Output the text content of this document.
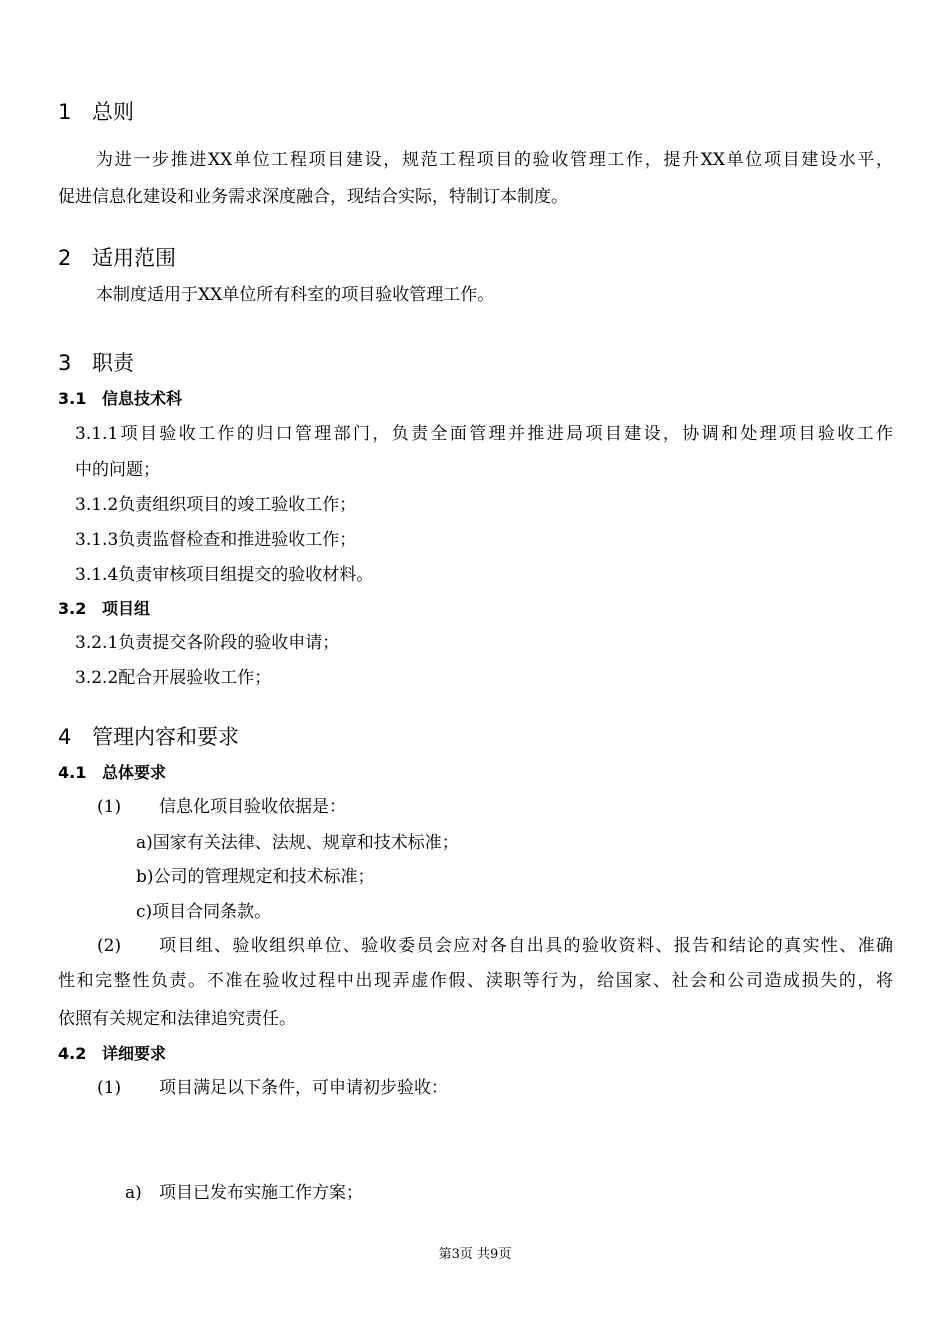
1 总则
为进一步推进XX单位工程项目建设，规范工程项目的验收管理工作，提升XX单位项目建设水平，
促进信息化建设和业务需求深度融合，现结合实际，特制订本制度。
2 适用范围
本制度适用于XX单位所有科室的项目验收管理工作。
3 职责
3.1 信息技术科
3.1.1项目验收工作的归口管理部门，负责全面管理并推进局项目建设，协调和处理项目验收工作
中的问题；
3.1.2负责组织项目的竣工验收工作；
3.1.3负责监督检查和推进验收工作；
3.1.4负责审核项目组提交的验收材料。
3.2 项目组
3.2.1负责提交各阶段的验收申请；
3.2.2配合开展验收工作；
4 管理内容和要求
4.1 总体要求
(1) 信息化项目验收依据是：
a)国家有关法律、法规、规章和技术标准；
b)公司的管理规定和技术标准；
c)项目合同条款。
(2)	项目组、验收组织单位、验收委员会应对各自出具的验收资料、报告和结论的真实性、准确
性和完整性负责。不准在验收过程中出现弄虚作假、渎职等行为，给国家、社会和公司造成损失的，将
依照有关规定和法律追究责任。
4.2 详细要求
(1) 项目满足以下条件，可申请初步验收：
a) 项目已发布实施工作方案；
第3页 共9页
